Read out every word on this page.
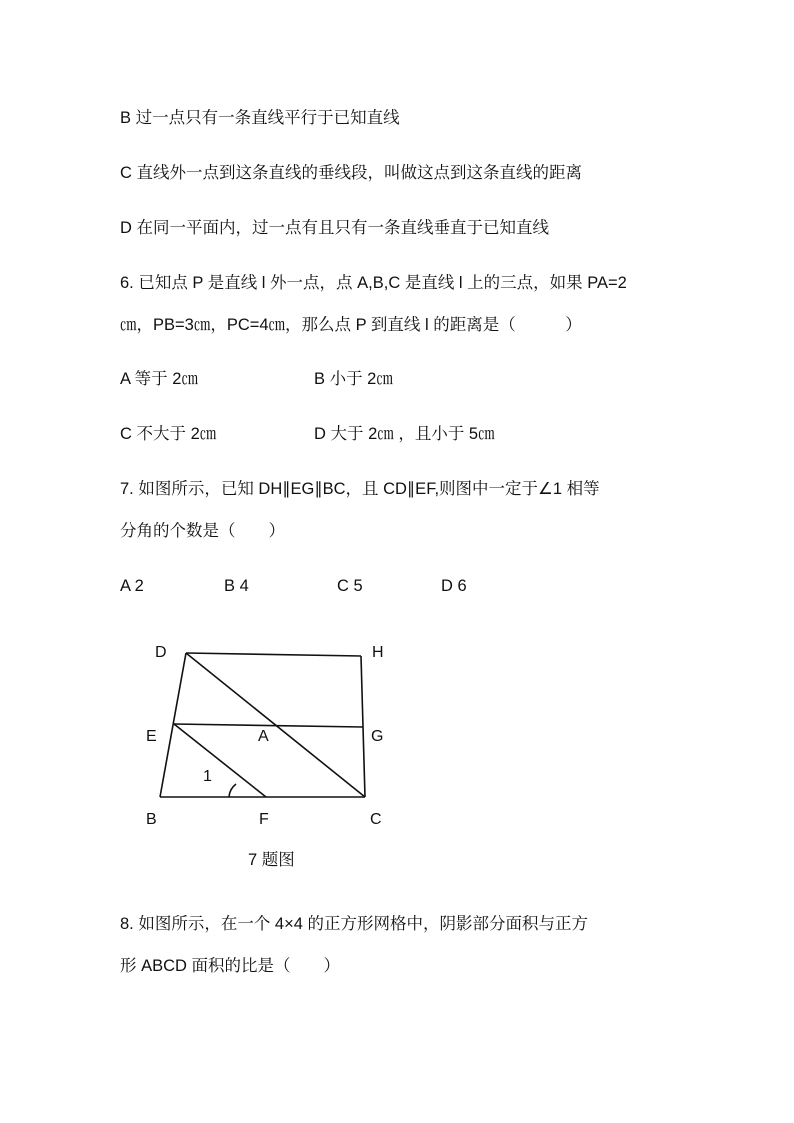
B 过一点只有一条直线平行于已知直线
C 直线外一点到这条直线的垂线段，叫做这点到这条直线的距离
D 在同一平面内，过一点有且只有一条直线垂直于已知直线
6. 已知点 P 是直线 l 外一点，点 A,B,C 是直线 l 上的三点，如果 PA=2
㎝，PB=3㎝，PC=4㎝，那么点 P 到直线 l 的距离是（　　　）
A 等于 2㎝	B 小于 2㎝
C 不大于 2㎝	D 大于 2㎝ ，且小于 5㎝
7. 如图所示，已知 DH∥EG∥BC，且 CD∥EF,则图中一定于∠1 相等
分角的个数是（　　）
A 2	B 4	C 5	D 6
D	H
E	A	G
1
B	F	C
7 题图
8. 如图所示，在一个 4×4 的正方形网格中，阴影部分面积与正方
形 ABCD 面积的比是（　　）
